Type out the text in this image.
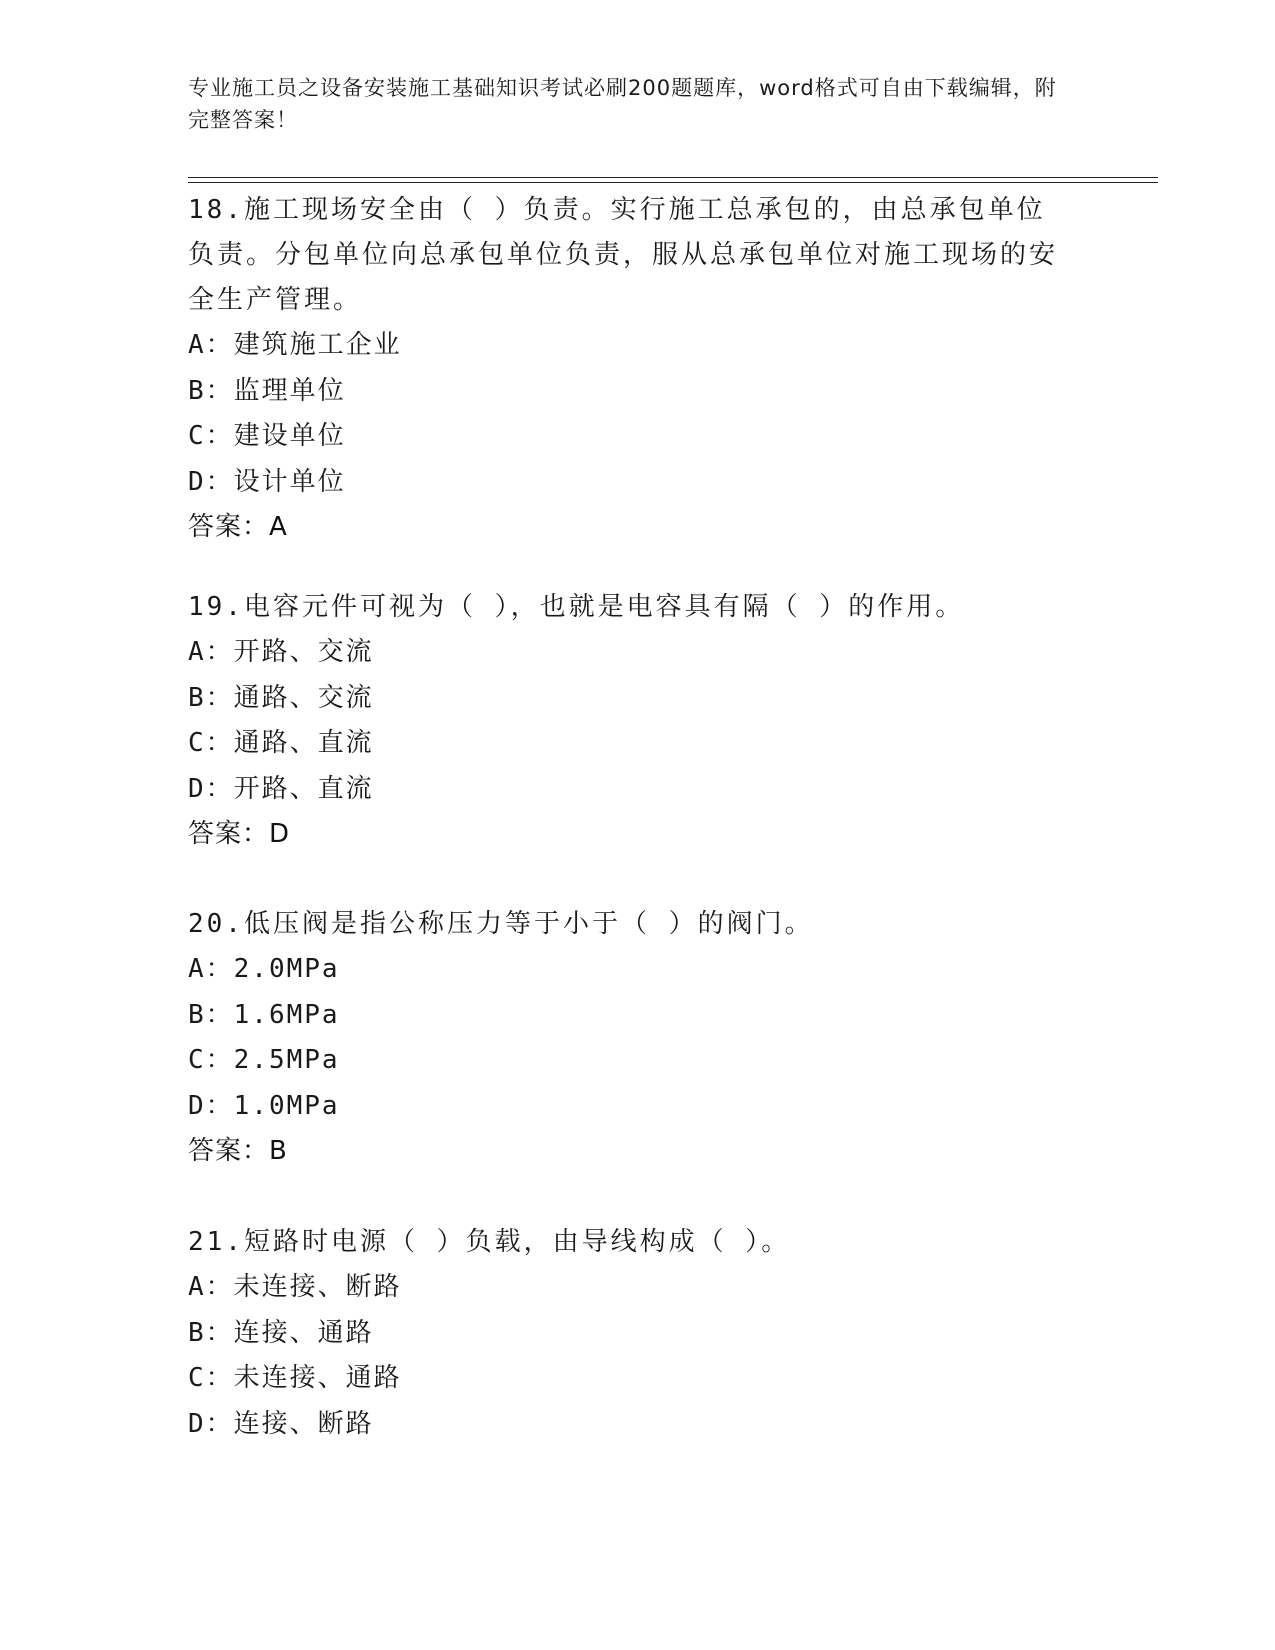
专业施工员之设备安装施工基础知识考试必刷200题题库，word格式可自由下载编辑，附完整答案！
18.施工现场安全由（ ）负责。实行施工总承包的，由总承包单位负责。分包单位向总承包单位负责，服从总承包单位对施工现场的安全生产管理。
A：建筑施工企业
B：监理单位
C：建设单位
D：设计单位
答案：A
19.电容元件可视为（ ），也就是电容具有隔（ ）的作用。
A：开路、交流
B：通路、交流
C：通路、直流
D：开路、直流
答案：D
20.低压阀是指公称压力等于小于（ ）的阀门。
A：2.0MPa
B：1.6MPa
C：2.5MPa
D：1.0MPa
答案：B
21.短路时电源（ ）负载，由导线构成（ ）。
A：未连接、断路
B：连接、通路
C：未连接、通路
D：连接、断路
